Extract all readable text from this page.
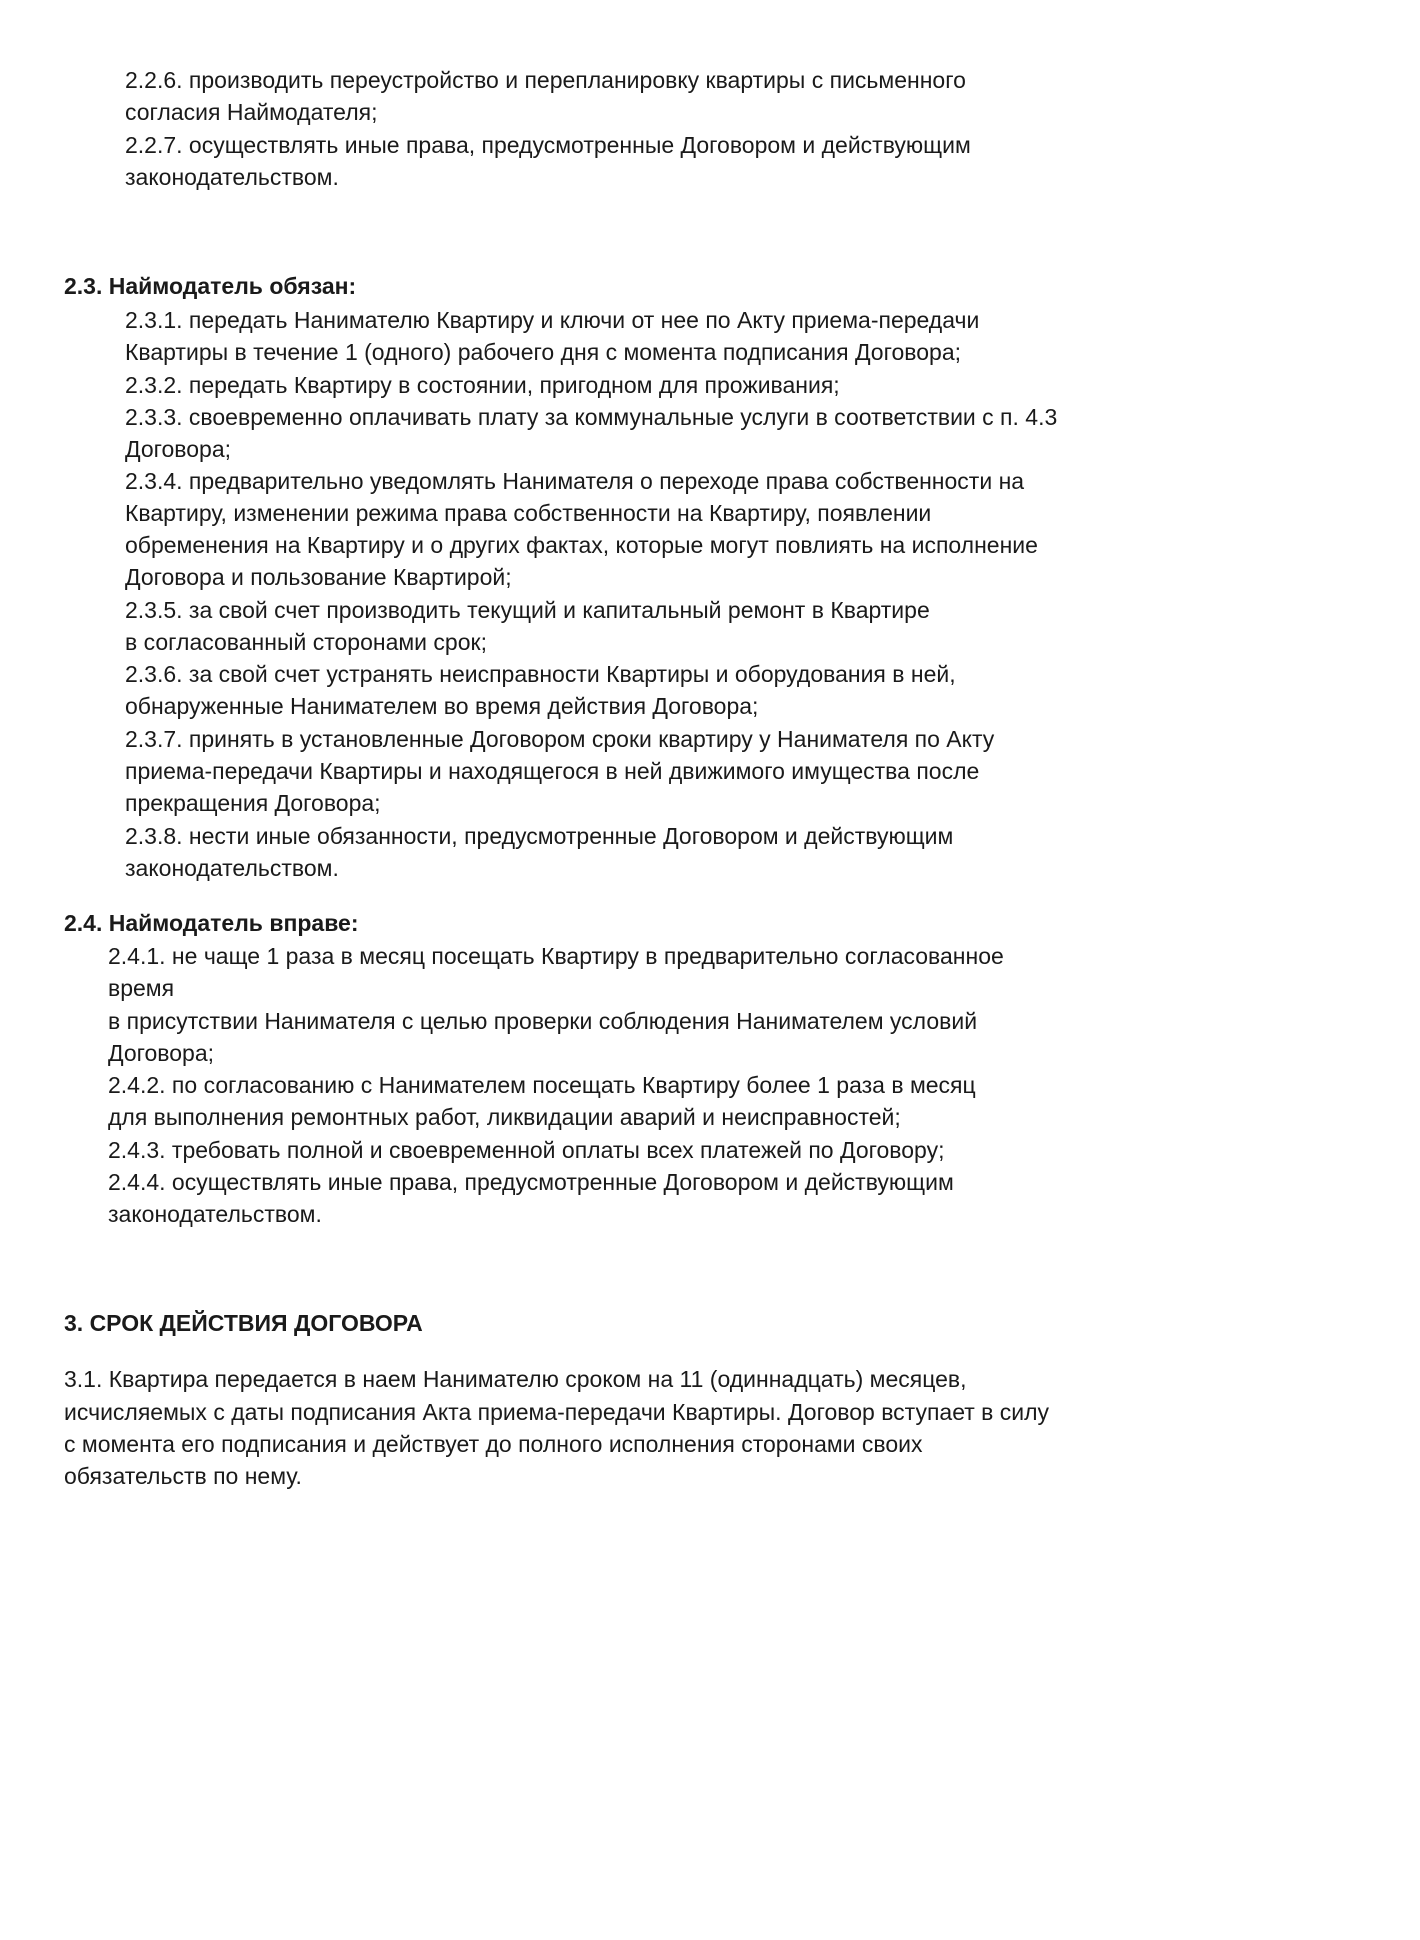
2.2.6. производить переустройство и перепланировку квартиры с письменного
согласия Наймодателя;
2.2.7. осуществлять иные права, предусмотренные Договором и действующим
законодательством.
2.3. Наймодатель обязан:
2.3.1. передать Нанимателю Квартиру и ключи от нее по Акту приема-передачи
Квартиры в течение 1 (одного) рабочего дня с момента подписания Договора;
2.3.2. передать Квартиру в состоянии, пригодном для проживания;
2.3.3. своевременно оплачивать плату за коммунальные услуги в соответствии с п. 4.3
Договора;
2.3.4. предварительно уведомлять Нанимателя о переходе права собственности на
Квартиру, изменении режима права собственности на Квартиру, появлении
обременения на Квартиру и о других фактах, которые могут повлиять на исполнение
Договора и пользование Квартирой;
2.3.5. за свой счет производить текущий и капитальный ремонт в Квартире
в согласованный сторонами срок;
2.3.6. за свой счет устранять неисправности Квартиры и оборудования в ней,
обнаруженные Нанимателем во время действия Договора;
2.3.7. принять в установленные Договором сроки квартиру у Нанимателя по Акту
приема-передачи Квартиры и находящегося в ней движимого имущества после
прекращения Договора;
2.3.8. нести иные обязанности, предусмотренные Договором и действующим
законодательством.
2.4. Наймодатель вправе:
2.4.1. не чаще 1 раза в месяц посещать Квартиру в предварительно согласованное
время
в присутствии Нанимателя с целью проверки соблюдения Нанимателем условий
Договора;
2.4.2. по согласованию с Нанимателем посещать Квартиру более 1 раза в месяц
для выполнения ремонтных работ, ликвидации аварий и неисправностей;
2.4.3. требовать полной и своевременной оплаты всех платежей по Договору;
2.4.4. осуществлять иные права, предусмотренные Договором и действующим
законодательством.
3. СРОК ДЕЙСТВИЯ ДОГОВОРА
3.1. Квартира передается в наем Нанимателю сроком на 11 (одиннадцать) месяцев,
исчисляемых с даты подписания Акта приема-передачи Квартиры. Договор вступает в силу
с момента его подписания и действует до полного исполнения сторонами своих
обязательств по нему.
